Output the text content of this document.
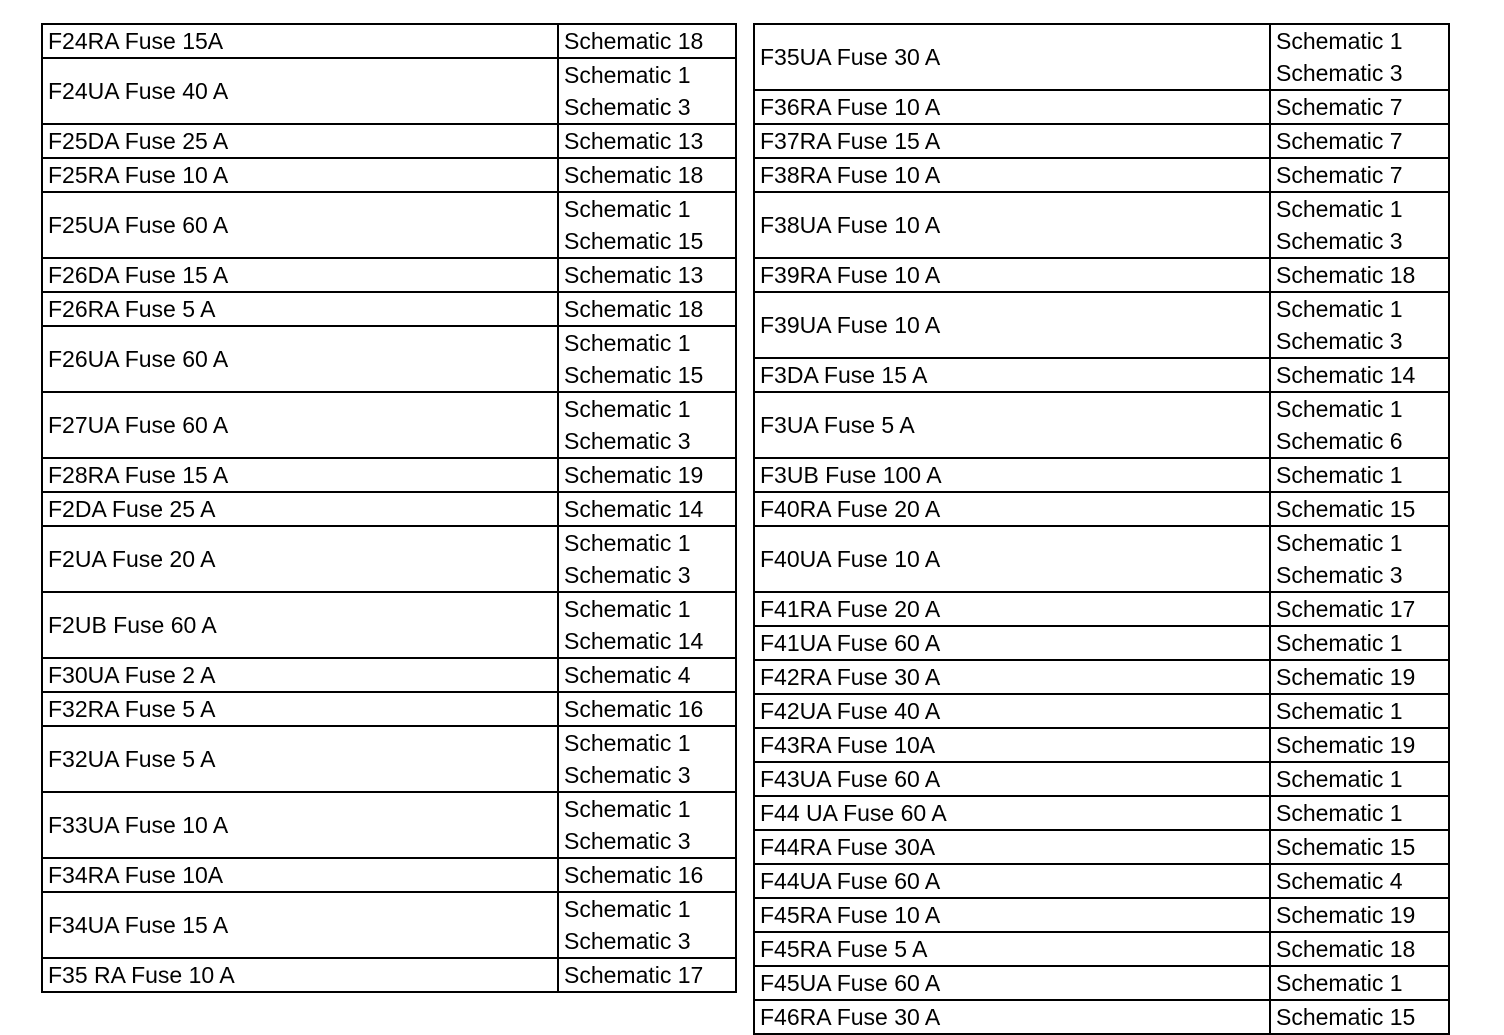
F24RA Fuse 15A	Schematic 18

F24UA Fuse 40 A	Schematic 1
Schematic 3

F25DA Fuse 25 A	Schematic 13

F25RA Fuse 10 A	Schematic 18

F25UA Fuse 60 A	Schematic 1
Schematic 15

F26DA Fuse 15 A	Schematic 13

F26RA Fuse 5 A	Schematic 18

F26UA Fuse 60 A	Schematic 1
Schematic 15

F27UA Fuse 60 A	Schematic 1
Schematic 3

F28RA Fuse 15 A	Schematic 19

F2DA Fuse 25 A	Schematic 14

F2UA Fuse 20 A	Schematic 1
Schematic 3

F2UB Fuse 60 A	Schematic 1
Schematic 14

F30UA Fuse 2 A	Schematic 4

F32RA Fuse 5 A	Schematic 16

F32UA Fuse 5 A	Schematic 1
Schematic 3

F33UA Fuse 10 A	Schematic 1
Schematic 3

F34RA Fuse 10A	Schematic 16

F34UA Fuse 15 A	Schematic 1
Schematic 3

F35 RA Fuse 10 A	Schematic 17
F35UA Fuse 30 A	Schematic 1
Schematic 3

F36RA Fuse 10 A	Schematic 7

F37RA Fuse 15 A	Schematic 7

F38RA Fuse 10 A	Schematic 7

F38UA Fuse 10 A	Schematic 1
Schematic 3

F39RA Fuse 10 A	Schematic 18

F39UA Fuse 10 A	Schematic 1
Schematic 3

F3DA Fuse 15 A	Schematic 14

F3UA Fuse 5 A	Schematic 1
Schematic 6

F3UB Fuse 100 A	Schematic 1

F40RA Fuse 20 A	Schematic 15

F40UA Fuse 10 A	Schematic 1
Schematic 3

F41RA Fuse 20 A	Schematic 17

F41UA Fuse 60 A	Schematic 1

F42RA Fuse 30 A	Schematic 19

F42UA Fuse 40 A	Schematic 1

F43RA Fuse 10A	Schematic 19

F43UA Fuse 60 A	Schematic 1

F44 UA Fuse 60 A	Schematic 1

F44RA Fuse 30A	Schematic 15

F44UA Fuse 60 A	Schematic 4

F45RA Fuse 10 A	Schematic 19

F45RA Fuse 5 A	Schematic 18

F45UA Fuse 60 A	Schematic 1

F46RA Fuse 30 A	Schematic 15
